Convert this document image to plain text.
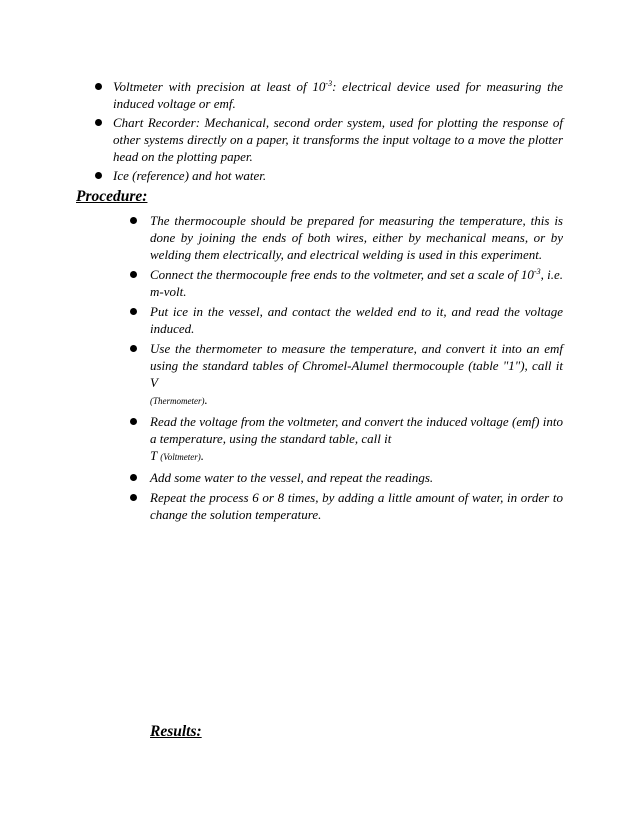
Voltmeter with precision at least of $10^{-3}$: electrical device used for measuring the induced voltage or emf.
Chart Recorder: Mechanical, second order system, used for plotting the response of other systems directly on a paper, it transforms the input voltage to a move the plotter head on the plotting paper.
Ice (reference) and hot water.
Procedure:
The thermocouple should be prepared for measuring the temperature, this is done by joining the ends of both wires, either by mechanical means, or by welding them electrically, and electrical welding is used in this experiment.
Connect the thermocouple free ends to the voltmeter, and set a scale of $10^{-3}$, i.e. m-volt.
Put ice in the vessel, and contact the welded end to it, and read the voltage induced.
Use the thermometer to measure the temperature, and convert it into an emf using the standard tables of Chromel-Alumel thermocouple (table "1"), call it V
(Thermometer).
Read the voltage from the voltmeter, and convert the induced voltage (emf) into a temperature, using the standard table, call it
T (Voltmeter).
Add some water to the vessel, and repeat the readings.
Repeat the process 6 or 8 times, by adding a little amount of water, in order to change the solution temperature.
Results:
